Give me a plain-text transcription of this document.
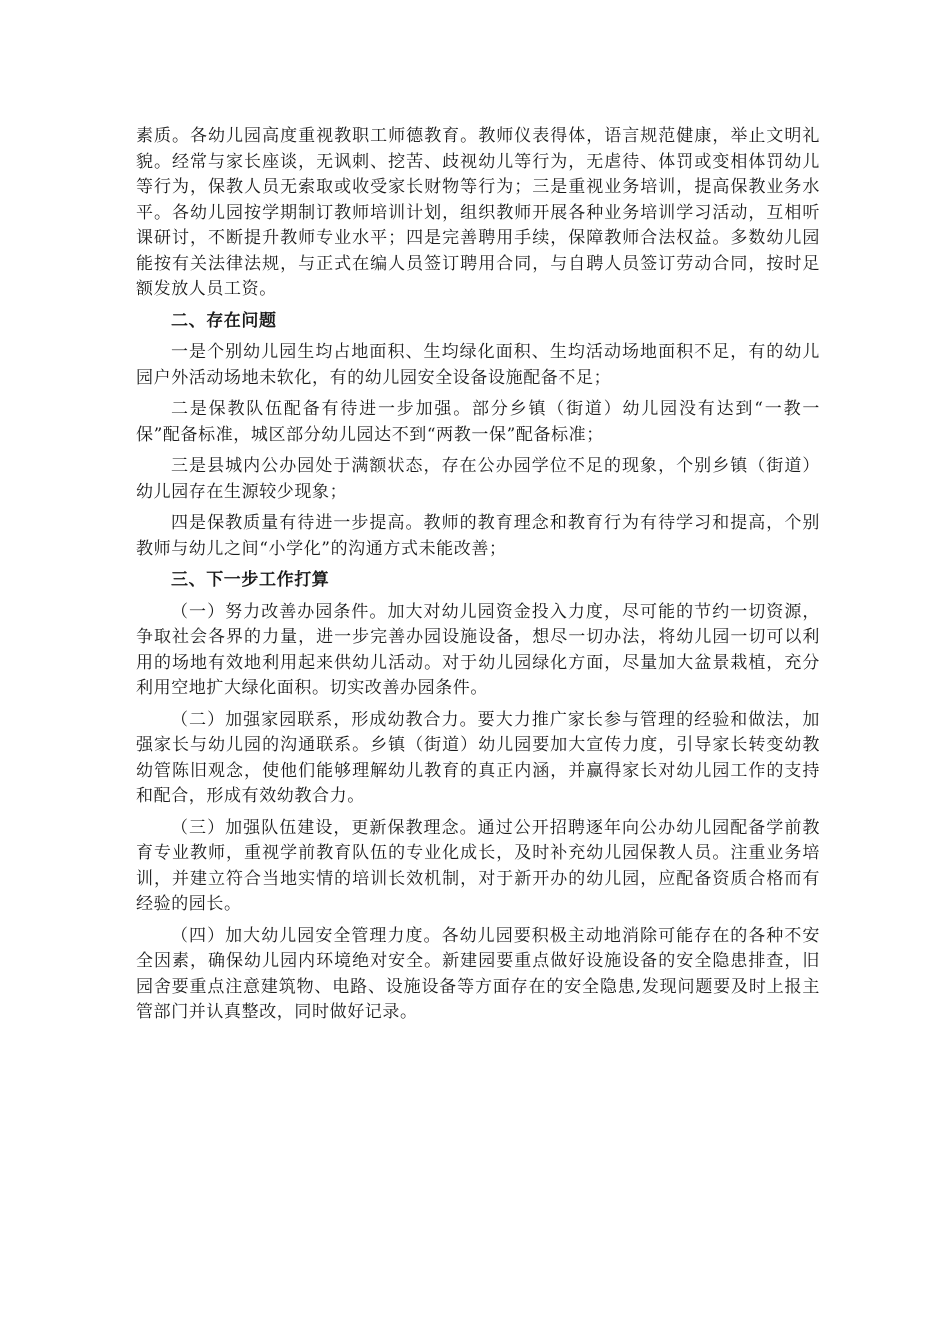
素质。各幼儿园高度重视教职工师德教育。教师仪表得体，语言规范健康，举止文明礼貌。经常与家长座谈，无讽刺、挖苦、歧视幼儿等行为，无虐待、体罚或变相体罚幼儿等行为，保教人员无索取或收受家长财物等行为；三是重视业务培训，提高保教业务水平。各幼儿园按学期制订教师培训计划，组织教师开展各种业务培训学习活动，互相听课研讨，不断提升教师专业水平；四是完善聘用手续，保障教师合法权益。多数幼儿园能按有关法律法规，与正式在编人员签订聘用合同，与自聘人员签订劳动合同，按时足额发放人员工资。

二、存在问题

一是个别幼儿园生均占地面积、生均绿化面积、生均活动场地面积不足，有的幼儿园户外活动场地未软化，有的幼儿园安全设备设施配备不足；

二是保教队伍配备有待进一步加强。部分乡镇（街道）幼儿园没有达到“一教一保”配备标准，城区部分幼儿园达不到“两教一保”配备标准；

三是县城内公办园处于满额状态，存在公办园学位不足的现象，个别乡镇（街道）幼儿园存在生源较少现象；

四是保教质量有待进一步提高。教师的教育理念和教育行为有待学习和提高，个别教师与幼儿之间“小学化”的沟通方式未能改善；

三、下一步工作打算

（一）努力改善办园条件。加大对幼儿园资金投入力度，尽可能的节约一切资源，争取社会各界的力量，进一步完善办园设施设备，想尽一切办法，将幼儿园一切可以利用的场地有效地利用起来供幼儿活动。对于幼儿园绿化方面，尽量加大盆景栽植，充分利用空地扩大绿化面积。切实改善办园条件。

（二）加强家园联系，形成幼教合力。要大力推广家长参与管理的经验和做法，加强家长与幼儿园的沟通联系。乡镇（街道）幼儿园要加大宣传力度，引导家长转变幼教幼管陈旧观念，使他们能够理解幼儿教育的真正内涵，并赢得家长对幼儿园工作的支持和配合，形成有效幼教合力。

（三）加强队伍建设，更新保教理念。通过公开招聘逐年向公办幼儿园配备学前教育专业教师，重视学前教育队伍的专业化成长，及时补充幼儿园保教人员。注重业务培训，并建立符合当地实情的培训长效机制，对于新开办的幼儿园，应配备资质合格而有经验的园长。

（四）加大幼儿园安全管理力度。各幼儿园要积极主动地消除可能存在的各种不安全因素，确保幼儿园内环境绝对安全。新建园要重点做好设施设备的安全隐患排查，旧园舍要重点注意建筑物、电路、设施设备等方面存在的安全隐患,发现问题要及时上报主管部门并认真整改，同时做好记录。
